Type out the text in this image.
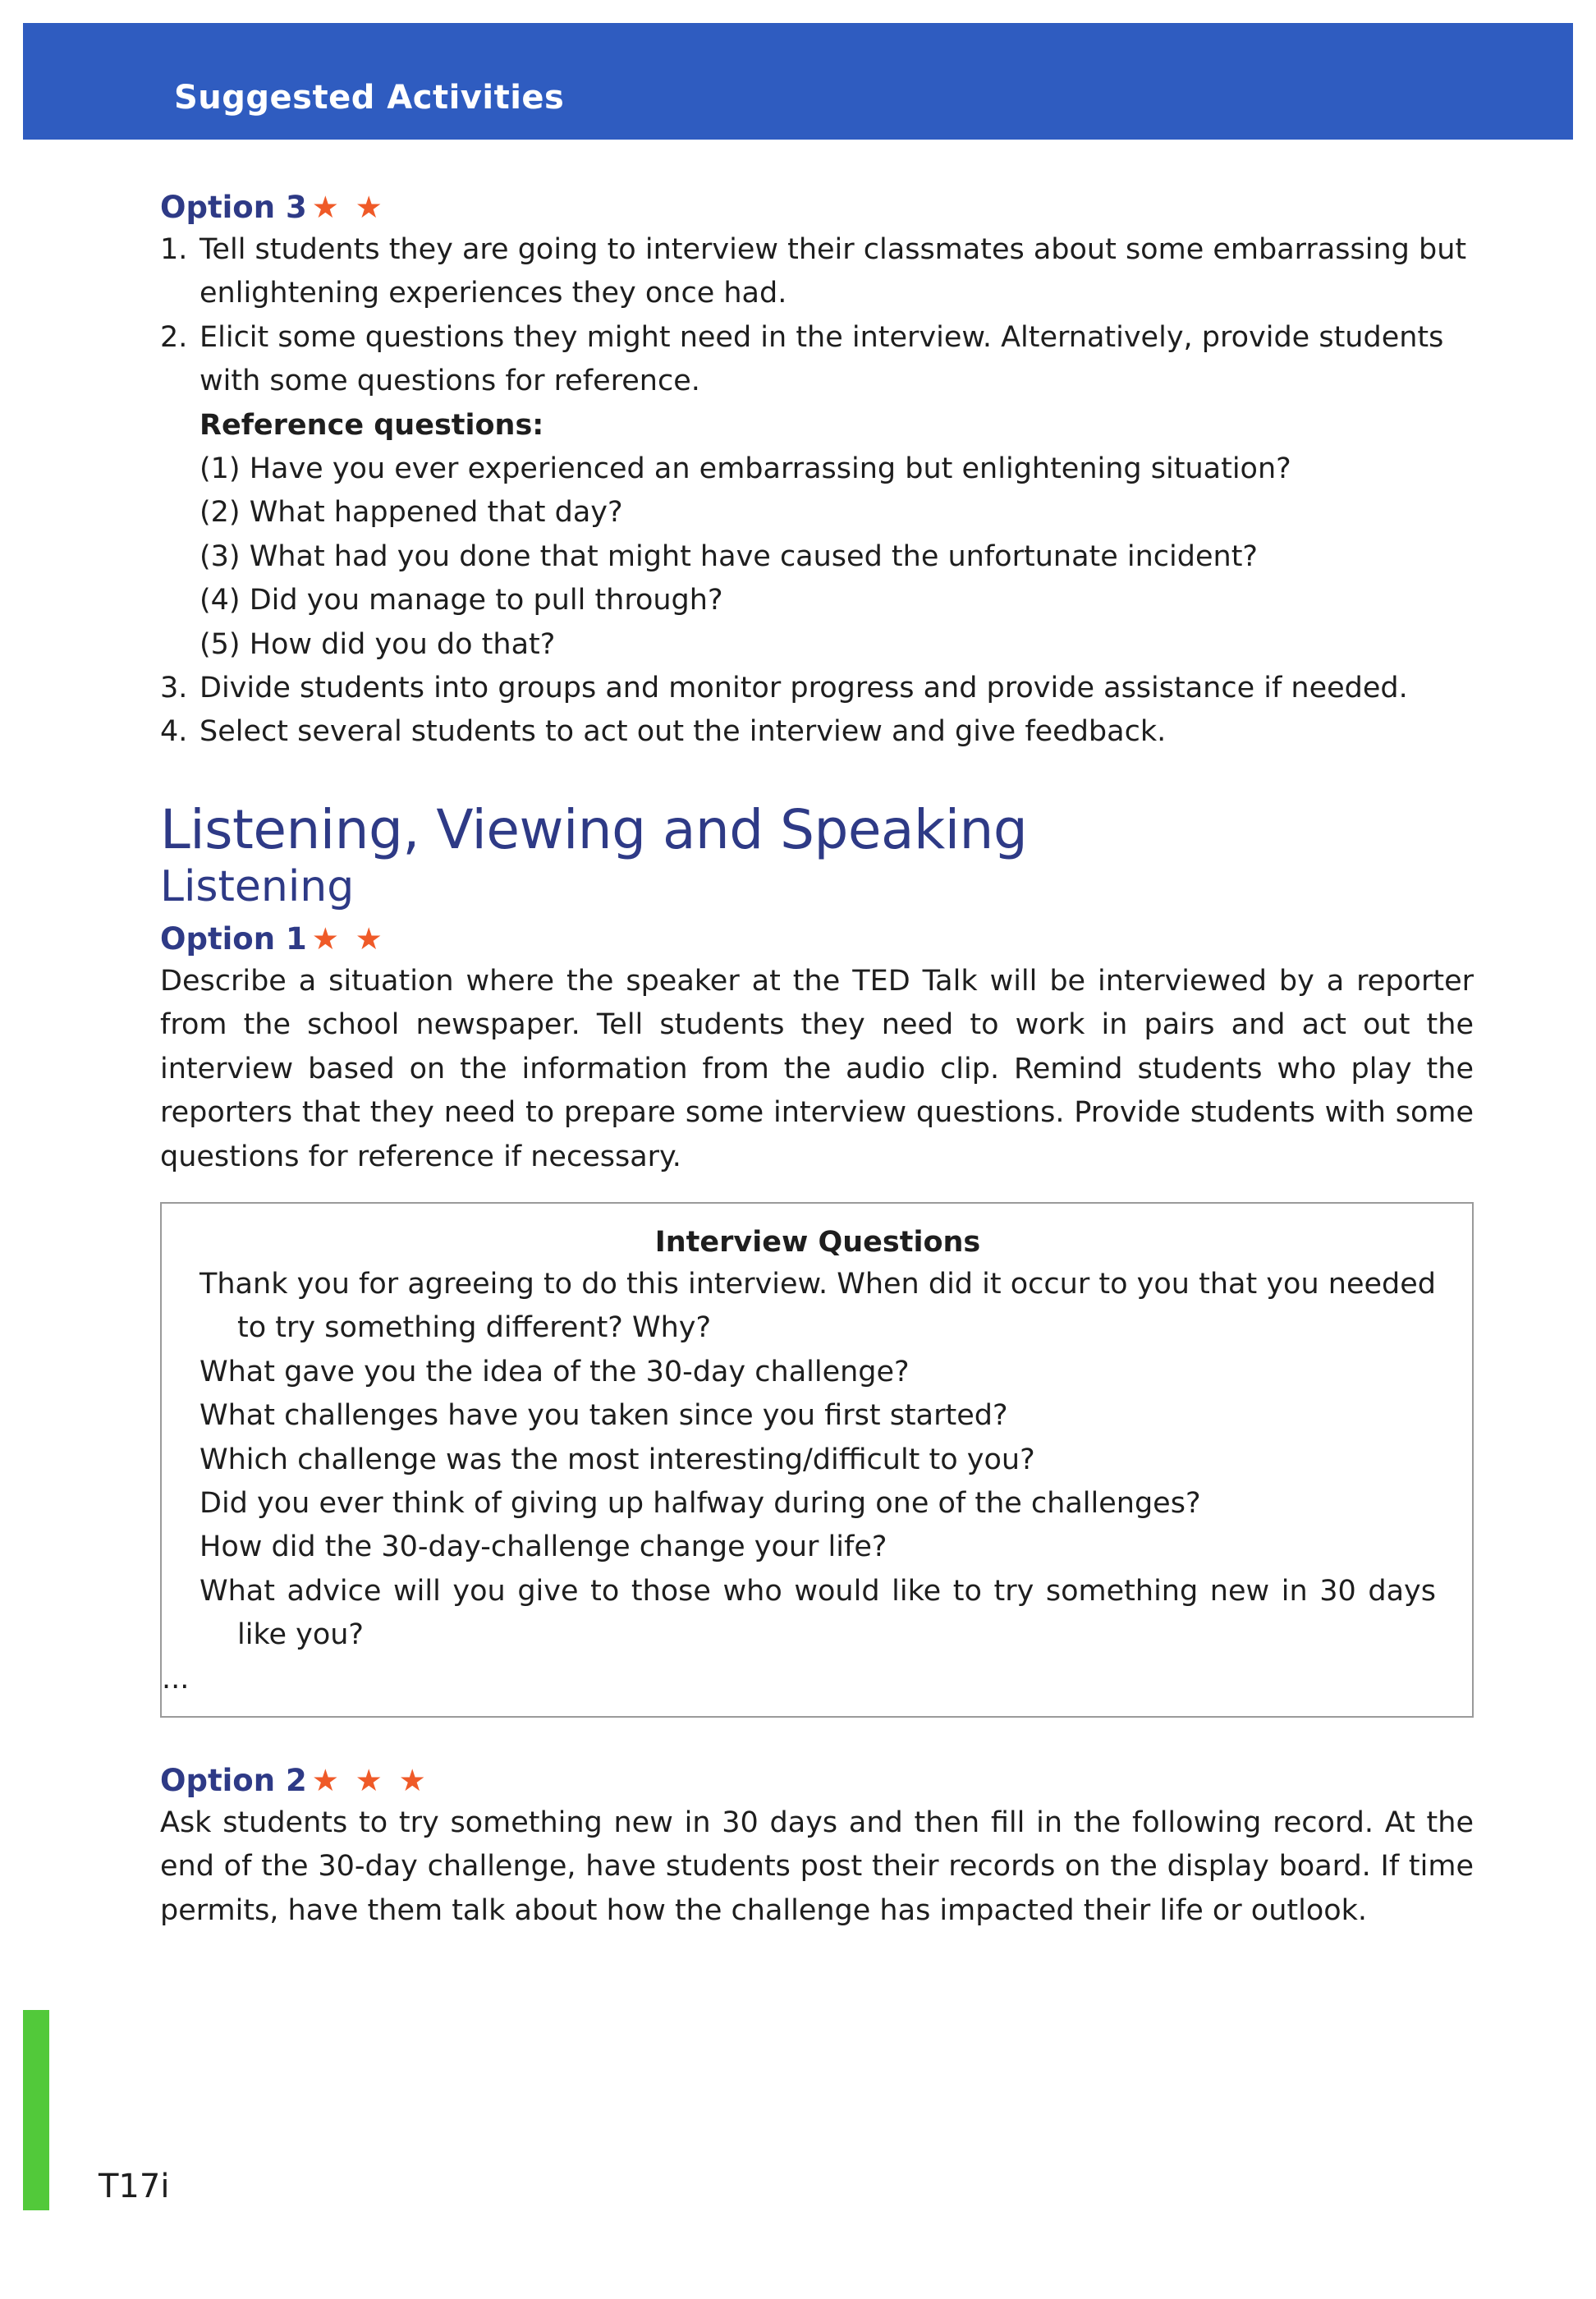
Suggested Activities
Option 3 ★ ★
1. Tell students they are going to interview their classmates about some embarrassing but enlightening experiences they once had.
2. Elicit some questions they might need in the interview. Alternatively, provide students with some questions for reference.
Reference questions:
(1) Have you ever experienced an embarrassing but enlightening situation?
(2) What happened that day?
(3) What had you done that might have caused the unfortunate incident?
(4) Did you manage to pull through?
(5) How did you do that?
3. Divide students into groups and monitor progress and provide assistance if needed.
4. Select several students to act out the interview and give feedback.
Listening, Viewing and Speaking
Listening
Option 1 ★ ★
Describe a situation where the speaker at the TED Talk will be interviewed by a reporter from the school newspaper. Tell students they need to work in pairs and act out the interview based on the information from the audio clip. Remind students who play the reporters that they need to prepare some interview questions. Provide students with some questions for reference if necessary.
Interview Questions
Thank you for agreeing to do this interview. When did it occur to you that you needed to try something different? Why?
What gave you the idea of the 30-day challenge?
What challenges have you taken since you first started?
Which challenge was the most interesting/difficult to you?
Did you ever think of giving up halfway during one of the challenges?
How did the 30-day-challenge change your life?
What advice will you give to those who would like to try something new in 30 days like you?
...
Option 2 ★ ★ ★
Ask students to try something new in 30 days and then fill in the following record. At the end of the 30-day challenge, have students post their records on the display board. If time permits, have them talk about how the challenge has impacted their life or outlook.
T17i
